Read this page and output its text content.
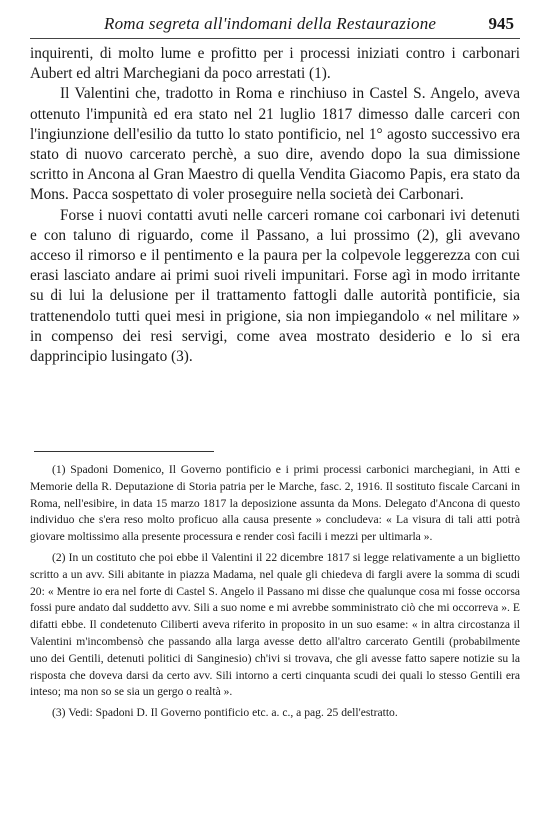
Roma segreta all'indomani della Restaurazione	945

inquirenti, di molto lume e profitto per i processi iniziati contro i carbonari Aubert ed altri Marchegiani da poco arrestati (1).

Il Valentini che, tradotto in Roma e rinchiuso in Castel S. Angelo, aveva ottenuto l'impunità ed era stato nel 21 luglio 1817 dimesso dalle carceri con l'ingiunzione dell'esilio da tutto lo stato pontificio, nel 1° agosto successivo era stato di nuovo carcerato perchè, a suo dire, avendo dopo la sua dimissione scritto in Ancona al Gran Maestro di quella Vendita Giacomo Papis, era stato da Mons. Pacca sospettato di voler proseguire nella società dei Carbonari.

Forse i nuovi contatti avuti nelle carceri romane coi carbonari ivi detenuti e con taluno di riguardo, come il Passano, a lui prossimo (2), gli avevano acceso il rimorso e il pentimento e la paura per la colpevole leggerezza con cui erasi lasciato andare ai primi suoi riveli impunitari. Forse agì in modo irritante su di lui la delusione per il trattamento fattogli dalle autorità pontificie, sia trattenendolo tutti quei mesi in prigione, sia non impiegandolo « nel militare » in compenso dei resi servigi, come avea mostrato desiderio e lo si era dapprincipio lusingato (3).

(1) Spadoni Domenico, Il Governo pontificio e i primi processi carbonici marchegiani, in Atti e Memorie della R. Deputazione di Storia patria per le Marche, fasc. 2, 1916. Il sostituto fiscale Carcani in Roma, nell'esibire, in data 15 marzo 1817 la deposizione assunta da Mons. Delegato d'Ancona di questo individuo che s'era reso molto proficuo alla causa presente » concludeva: « La visura di tali atti potrà giovare moltissimo alla presente processura e render così facili i mezzi per ultimarla ».

(2) In un costituto che poi ebbe il Valentini il 22 dicembre 1817 si legge relativamente a un biglietto scritto a un avv. Sili abitante in piazza Madama, nel quale gli chiedeva di fargli avere la somma di scudi 20: « Mentre io era nel forte di Castel S. Angelo il Passano mi disse che qualunque cosa mi fosse occorsa fossi pure andato dal suddetto avv. Sili a suo nome e mi avrebbe somministrato ciò che mi occorreva ». E difatti ebbe. Il condetenuto Ciliberti aveva riferito in proposito in un suo esame: « in altra circostanza il Valentini m'incombensò che passando alla larga avesse detto all'altro carcerato Gentili (probabilmente uno dei Gentili, detenuti politici di Sanginesio) ch'ivi si trovava, che gli avesse fatto sapere notizie su la risposta che doveva darsi da certo avv. Sili intorno a certi cinquanta scudi dei quali lo stesso Gentili era inteso; ma non so se sia un gergo o realtà ».

(3) Vedi: Spadoni D. Il Governo pontificio etc. a. c., a pag. 25 dell'estratto.
